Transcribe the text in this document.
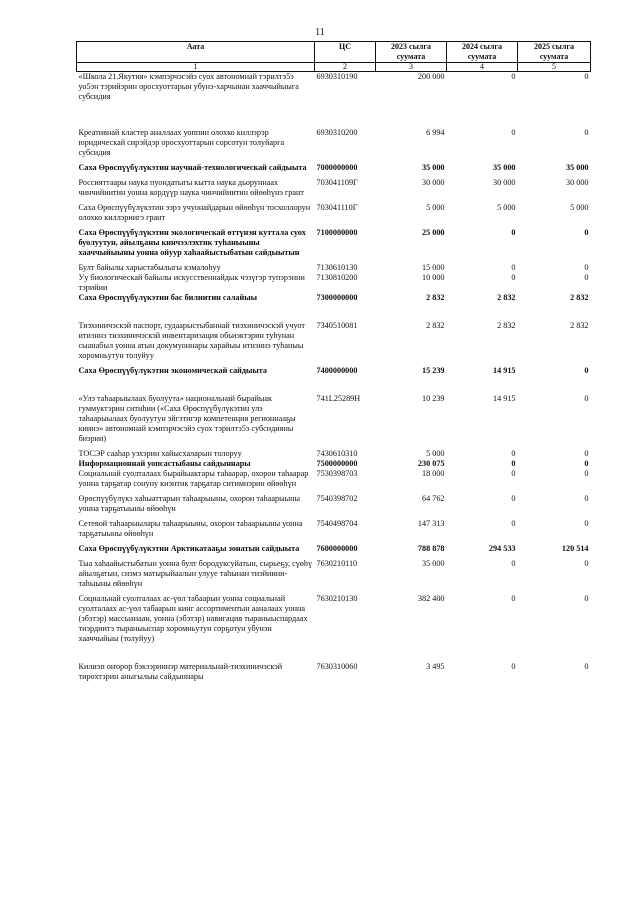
11
Аата	ЦС	2023 сылга суумата	2024 сылга суумата	2025 сылга суумата
1	2	3	4	5
«Школа 21.Якутия» кэмпэрчэсэйэ суох автономнай тэрилтэ5э уо5эн тэрийэрин оросхуоттарын убунэ-харчынан хааччыйыыга субсидия	6930310190	200 000	0	0
Креативнай кластер аналлаах уоппин олохко киллэрэр юридическай сирэйдэр оросхуоттарын сорсотун толуйарга субсидия	6930310200	6 994	0	0
Саха Өрөспүүбүлүкэтин научнай-технологическай сайдыыта	7000000000	35 000	35 000	35 000
Россияттаары наука пуондатыгы кытта наука дьоруннаах чинчийиитин уонна кордүүр наука чинчийиитин өйөөһүнэ грант	703041109Г	30 000	30 000	30 000
Саха Өрөспүүбүлүкэтин ээрэ учуонайдарын өйөөһүн тосхоллорун олохко киллэриигэ грант	703041110Г	5 000	5 000	5 000
Саха Өрөспүүбүлүкэтин экологическай өттүнэн куттала суох буолуутун, айылҕаны кинчээлэхтик туһаныыны хааччыйыыны уонна ойуур хаһаайыстыбатын сайдыытын	7100000000	25 000	0	0
Булт байылы харыстабылыгы кэмалоһуу	7130610130	15 000	0	0
Уу биологическай байылы искусственнайдык чэзүгэр тупэрэнни тэрийии	7130810200	10 000	0	0
Саха Өрөспүүбүлүкэтин бас билиитин салайыы	7300000000	2 832	2 832	2 832
Тиэхиничэскэй паспорт, судаарыстыбаннай тиэхиничэскэй учуот итиэннэ тиэхиничэскэй инвентаризация обьиэктэрин туһунан сыанабыл уонна атын докумуоннары харайыы итиэннэ туһаныы хоромньутун толуйуу	7340510081	2 832	2 832	2 832
Саха Өрөспүүбүлүкэтин экономическай сайдыыта	7400000000	15 239	14 915	0
«Улэ таһаарыылаах буолуута» национальнай бырайыак гуммуктэрин ситиһии («Саха Өрөспүүбүлүкэтин улэ таһаарыылаах буолуутун эйгэтигэр компетенция регионнааҕы киинэ» автономнай кэмпэрчэсэйэ суох тэрилтэ5э субсидияны биэрии)	741L25289H	10 239	14 915	0
ТОСЭР сааһар уэхэрин хайысхаларын толоруу	7430610310	5 000	0	0
Информационнай уопсастыбаны сайдыннары	7500000000	230 075	0	0
Социальнай суолталаах бырайыактары таһаарар, охорон таһаарар уонна тарҕатар сонуну киэнтик тарҕатар ситимнэрин өйөөһүн	7530398703	18 000	0	0
Өрөспүүбүлүкэ хаһыаттарын таһаарыыны, охорон таһаарыыны уонна тарҕатыыны өйөөһүн	7540398702	64 762	0	0
Сетевой таһаарыылары таһаарыыны, охорон таһаарыыны уонна тарҕатыыны өйөөһүн	7540498704	147 313	0	0
Саха Өрөспүүбүлүкэтин Арктикатааҕы зонатын сайдыыта	7600000000	788 878	294 533	120 514
Тыа хаһаайыстыбатын уонна булт бородуксуйатын, сырьеҕу, сүөһү айылҕатын, сизмэ матырыйаалын улууе таһынан тиэйиини-таһыыны өйөөһүн	7630210110	35 000	0	0
Социальнай суолталаах ас-үөл табаарын уонна социальнай суолталаах ас-үөл табаарын кинг ассортиментын ааналаах уонна (эбэтэр) массыанаан, уонна (эбэтэр) навигация тыраныыспардаах тиэрдиитэ тыраныыспар хоромньутун сорҕотун убунэн хааччыйыы (толуйуу)	7630210130	382 400	0	0
Килиэп оҥорор бэкээриннэр материальнай-тиэхиничэскэй тирохтэрин аныгылыы сайдыннары	7630310060	3 495	0	0
